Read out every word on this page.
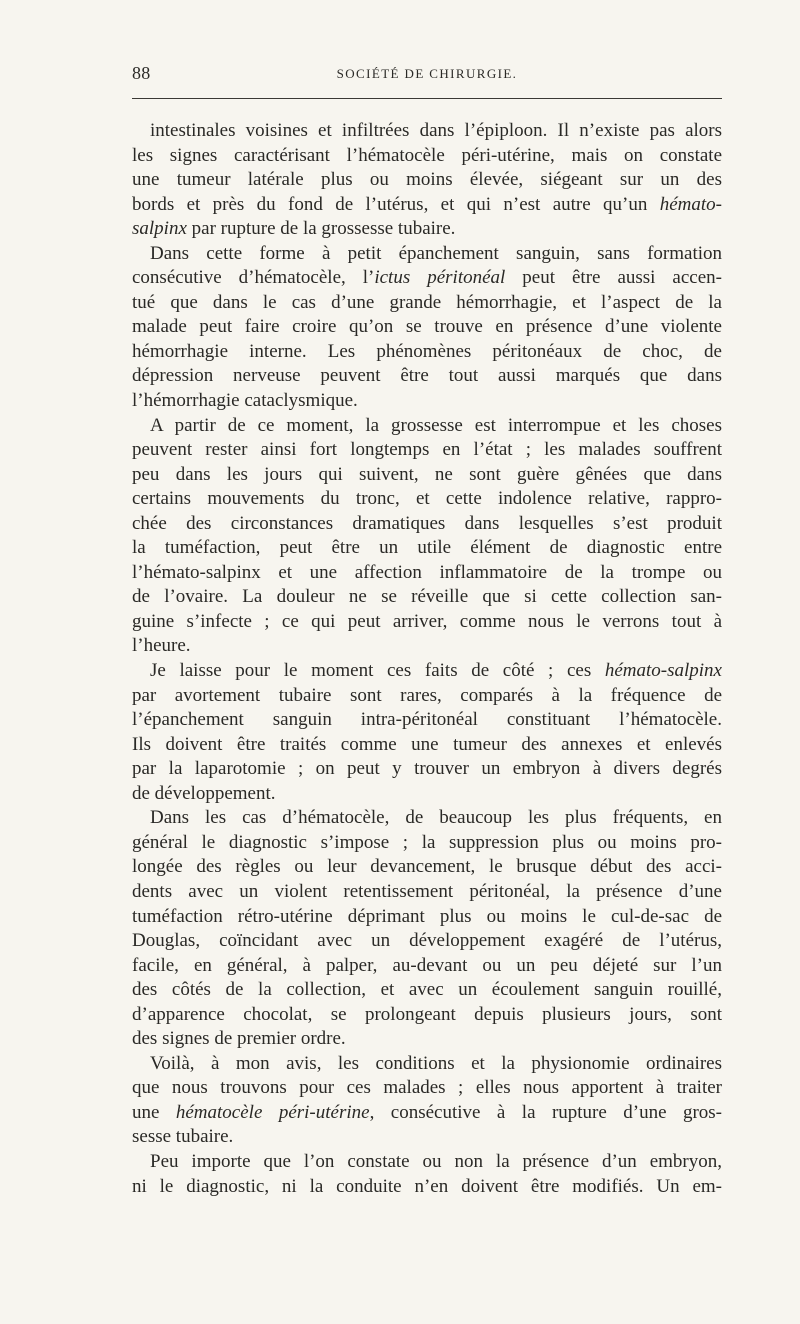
88	SOCIÉTÉ DE CHIRURGIE.
intestinales voisines et infiltrées dans l’épiploon. Il n’existe pas alors
les signes caractérisant l’hématocèle péri-utérine, mais on constate
une tumeur latérale plus ou moins élevée, siégeant sur un des
bords et près du fond de l’utérus, et qui n’est autre qu’un hémato-
salpinx par rupture de la grossesse tubaire.
Dans cette forme à petit épanchement sanguin, sans formation
consécutive d’hématocèle, l’ictus péritonéal peut être aussi accen-
tué que dans le cas d’une grande hémorrhagie, et l’aspect de la
malade peut faire croire qu’on se trouve en présence d’une violente
hémorrhagie interne. Les phénomènes péritonéaux de choc, de
dépression nerveuse peuvent être tout aussi marqués que dans
l’hémorrhagie cataclysmique.
A partir de ce moment, la grossesse est interrompue et les choses
peuvent rester ainsi fort longtemps en l’état ; les malades souffrent
peu dans les jours qui suivent, ne sont guère gênées que dans
certains mouvements du tronc, et cette indolence relative, rappro-
chée des circonstances dramatiques dans lesquelles s’est produit
la tuméfaction, peut être un utile élément de diagnostic entre
l’hémato-salpinx et une affection inflammatoire de la trompe ou
de l’ovaire. La douleur ne se réveille que si cette collection san-
guine s’infecte ; ce qui peut arriver, comme nous le verrons tout à
l’heure.
Je laisse pour le moment ces faits de côté ; ces hémato-salpinx
par avortement tubaire sont rares, comparés à la fréquence de
l’épanchement sanguin intra-péritonéal constituant l’hématocèle.
Ils doivent être traités comme une tumeur des annexes et enlevés
par la laparotomie ; on peut y trouver un embryon à divers degrés
de développement.
Dans les cas d’hématocèle, de beaucoup les plus fréquents, en
général le diagnostic s’impose ; la suppression plus ou moins pro-
longée des règles ou leur devancement, le brusque début des acci-
dents avec un violent retentissement péritonéal, la présence d’une
tuméfaction rétro-utérine déprimant plus ou moins le cul-de-sac de
Douglas, coïncidant avec un développement exagéré de l’utérus,
facile, en général, à palper, au-devant ou un peu déjeté sur l’un
des côtés de la collection, et avec un écoulement sanguin rouillé,
d’apparence chocolat, se prolongeant depuis plusieurs jours, sont
des signes de premier ordre.
Voilà, à mon avis, les conditions et la physionomie ordinaires
que nous trouvons pour ces malades ; elles nous apportent à traiter
une hématocèle péri-utérine, consécutive à la rupture d’une gros-
sesse tubaire.
Peu importe que l’on constate ou non la présence d’un embryon,
ni le diagnostic, ni la conduite n’en doivent être modifiés. Un em-
